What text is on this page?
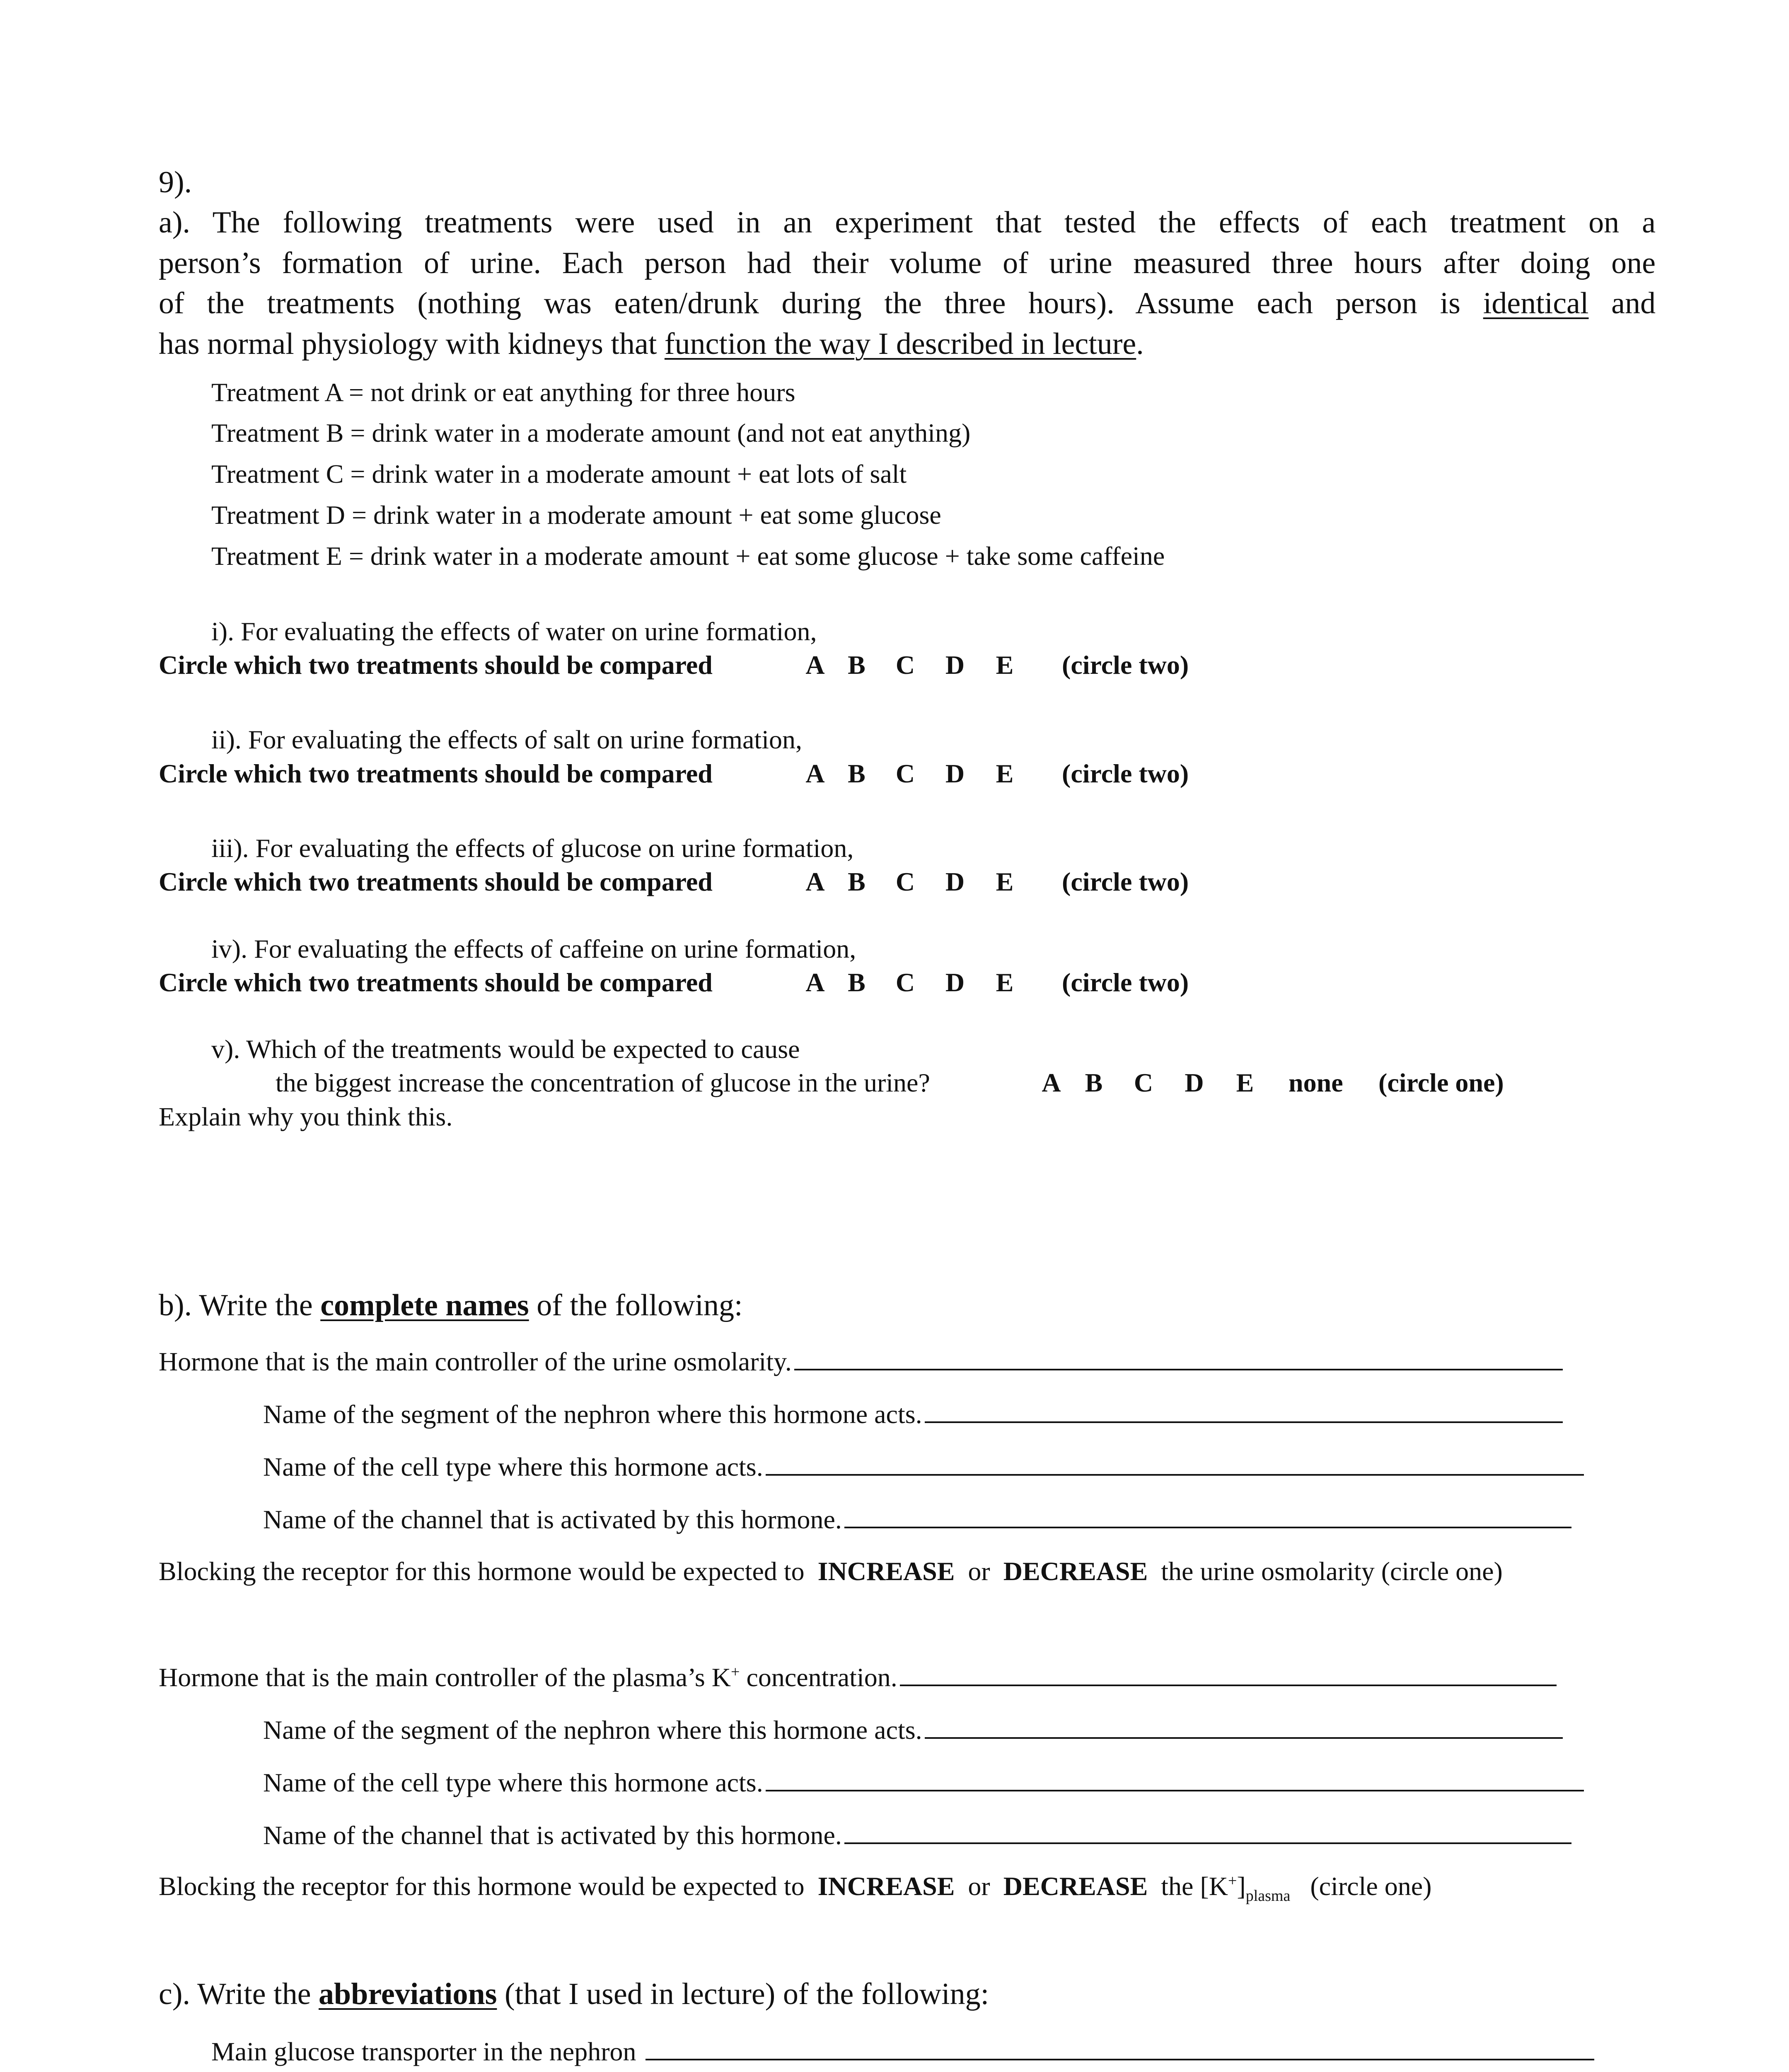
9).
a). The following treatments were used in an experiment that tested the effects of each treatment on a
person’s formation of urine. Each person had their volume of urine measured three hours after doing one
of the treatments (nothing was eaten/drunk during the three hours). Assume each person is identical and
has normal physiology with kidneys that function the way I described in lecture.
Treatment A = not drink or eat anything for three hours
Treatment B = drink water in a moderate amount (and not eat anything)
Treatment C = drink water in a moderate amount + eat lots of salt
Treatment D = drink water in a moderate amount + eat some glucose
Treatment E = drink water in a moderate amount + eat some glucose + take some caffeine
i). For evaluating the effects of water on urine formation,
Circle which two treatments should be compared	A B C D E	(circle two)
ii). For evaluating the effects of salt on urine formation,
Circle which two treatments should be compared	A B C D E	(circle two)
iii). For evaluating the effects of glucose on urine formation,
Circle which two treatments should be compared	A B C D E	(circle two)
iv). For evaluating the effects of caffeine on urine formation,
Circle which two treatments should be compared	A B C D E	(circle two)
v). Which of the treatments would be expected to cause
the biggest increase the concentration of glucose in the urine?	A B C D E	none (circle one)
Explain why you think this.
b). Write the complete names of the following:
Hormone that is the main controller of the urine osmolarity.
Name of the segment of the nephron where this hormone acts.
Name of the cell type where this hormone acts.
Name of the channel that is activated by this hormone.
Blocking the receptor for this hormone would be expected to INCREASE or DECREASE the urine osmolarity (circle one)
Hormone that is the main controller of the plasma’s K+ concentration.
Name of the segment of the nephron where this hormone acts.
Name of the cell type where this hormone acts.
Name of the channel that is activated by this hormone.
Blocking the receptor for this hormone would be expected to INCREASE or DECREASE the $[K^+]_{plasma}$ (circle one)
c). Write the abbreviations (that I used in lecture) of the following:
Main glucose transporter in the nephron
